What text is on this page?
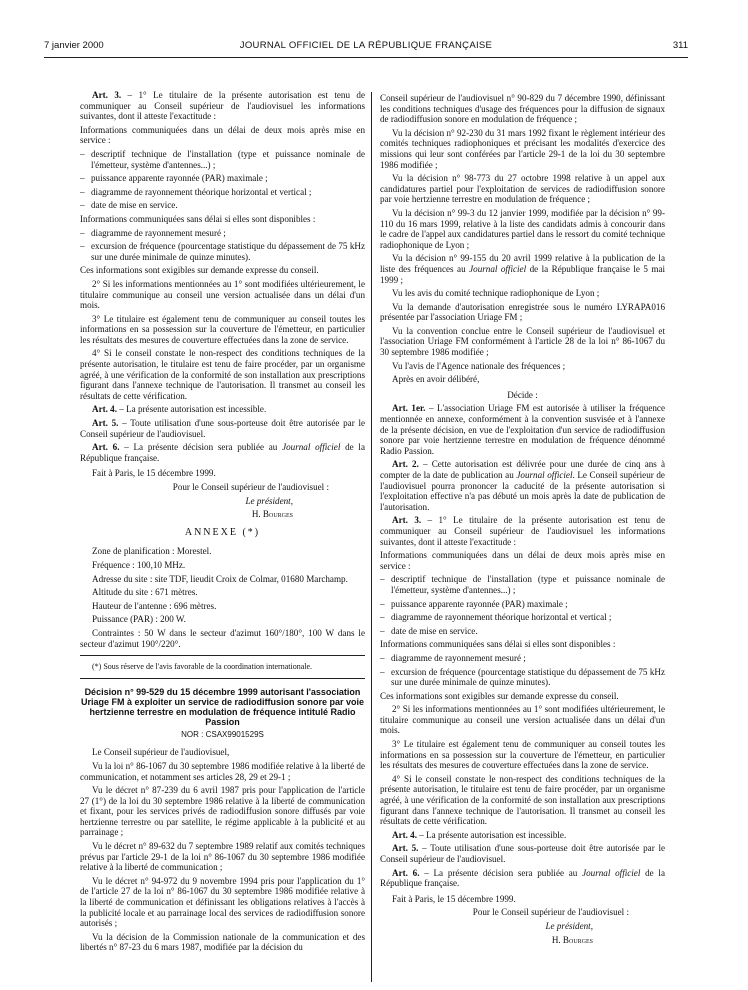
7 janvier 2000	JOURNAL OFFICIEL DE LA RÉPUBLIQUE FRANÇAISE	311

Art. 3. – 1° Le titulaire de la présente autorisation est tenu de communiquer au Conseil supérieur de l'audiovisuel les informations suivantes, dont il atteste l'exactitude :

Informations communiquées dans un délai de deux mois après mise en service :

– descriptif technique de l'installation (type et puissance nominale de l'émetteur, système d'antennes...) ;

– puissance apparente rayonnée (PAR) maximale ;

– diagramme de rayonnement théorique horizontal et vertical ;

– date de mise en service.

Informations communiquées sans délai si elles sont disponibles :

– diagramme de rayonnement mesuré ;

– excursion de fréquence (pourcentage statistique du dépassement de 75 kHz sur une durée minimale de quinze minutes).

Ces informations sont exigibles sur demande expresse du conseil.

2° Si les informations mentionnées au 1° sont modifiées ultérieurement, le titulaire communique au conseil une version actualisée dans un délai d'un mois.

3° Le titulaire est également tenu de communiquer au conseil toutes les informations en sa possession sur la couverture de l'émetteur, en particulier les résultats des mesures de couverture effectuées dans la zone de service.

4° Si le conseil constate le non-respect des conditions techniques de la présente autorisation, le titulaire est tenu de faire procéder, par un organisme agréé, à une vérification de la conformité de son installation aux prescriptions figurant dans l'annexe technique de l'autorisation. Il transmet au conseil les résultats de cette vérification.

Art. 4. – La présente autorisation est incessible.

Art. 5. – Toute utilisation d'une sous-porteuse doit être autorisée par le Conseil supérieur de l'audiovisuel.

Art. 6. – La présente décision sera publiée au Journal officiel de la République française.

Fait à Paris, le 15 décembre 1999.

Pour le Conseil supérieur de l'audiovisuel :

Le président,

H. Bourges

ANNEXE (*)

Zone de planification : Morestel.

Fréquence : 100,10 MHz.

Adresse du site : site TDF, lieudit Croix de Colmar, 01680 Marchamp.

Altitude du site : 671 mètres.

Hauteur de l'antenne : 696 mètres.

Puissance (PAR) : 200 W.

Contraintes : 50 W dans le secteur d'azimut 160°/180°, 100 W dans le secteur d'azimut 190°/220°.

(*) Sous réserve de l'avis favorable de la coordination internationale.

Décision n° 99-529 du 15 décembre 1999 autorisant l'association Uriage FM à exploiter un service de radiodiffusion sonore par voie hertzienne terrestre en modulation de fréquence intitulé Radio Passion

NOR : CSAX9901529S

Le Conseil supérieur de l'audiovisuel,

Vu la loi n° 86-1067 du 30 septembre 1986 modifiée relative à la liberté de communication, et notamment ses articles 28, 29 et 29-1 ;

Vu le décret n° 87-239 du 6 avril 1987 pris pour l'application de l'article 27 (1°) de la loi du 30 septembre 1986 relative à la liberté de communication et fixant, pour les services privés de radiodiffusion sonore diffusés par voie hertzienne terrestre ou par satellite, le régime applicable à la publicité et au parrainage ;

Vu le décret n° 89-632 du 7 septembre 1989 relatif aux comités techniques prévus par l'article 29-1 de la loi n° 86-1067 du 30 septembre 1986 modifiée relative à la liberté de communication ;

Vu le décret n° 94-972 du 9 novembre 1994 pris pour l'application du 1° de l'article 27 de la loi n° 86-1067 du 30 septembre 1986 modifiée relative à la liberté de communication et définissant les obligations relatives à l'accès à la publicité locale et au parrainage local des services de radiodiffusion sonore autorisés ;

Vu la décision de la Commission nationale de la communication et des libertés n° 87-23 du 6 mars 1987, modifiée par la décision du

Conseil supérieur de l'audiovisuel n° 90-829 du 7 décembre 1990, définissant les conditions techniques d'usage des fréquences pour la diffusion de signaux de radiodiffusion sonore en modulation de fréquence ;

Vu la décision n° 92-230 du 31 mars 1992 fixant le règlement intérieur des comités techniques radiophoniques et précisant les modalités d'exercice des missions qui leur sont conférées par l'article 29-1 de la loi du 30 septembre 1986 modifiée ;

Vu la décision n° 98-773 du 27 octobre 1998 relative à un appel aux candidatures partiel pour l'exploitation de services de radiodiffusion sonore par voie hertzienne terrestre en modulation de fréquence ;

Vu la décision n° 99-3 du 12 janvier 1999, modifiée par la décision n° 99-110 du 16 mars 1999, relative à la liste des candidats admis à concourir dans le cadre de l'appel aux candidatures partiel dans le ressort du comité technique radiophonique de Lyon ;

Vu la décision n° 99-155 du 20 avril 1999 relative à la publication de la liste des fréquences au Journal officiel de la République française le 5 mai 1999 ;

Vu les avis du comité technique radiophonique de Lyon ;

Vu la demande d'autorisation enregistrée sous le numéro LYRAPA016 présentée par l'association Uriage FM ;

Vu la convention conclue entre le Conseil supérieur de l'audiovisuel et l'association Uriage FM conformément à l'article 28 de la loi n° 86-1067 du 30 septembre 1986 modifiée ;

Vu l'avis de l'Agence nationale des fréquences ;

Après en avoir délibéré,

Décide :

Art. 1er. – L'association Uriage FM est autorisée à utiliser la fréquence mentionnée en annexe, conformément à la convention susvisée et à l'annexe de la présente décision, en vue de l'exploitation d'un service de radiodiffusion sonore par voie hertzienne terrestre en modulation de fréquence dénommé Radio Passion.

Art. 2. – Cette autorisation est délivrée pour une durée de cinq ans à compter de la date de publication au Journal officiel. Le Conseil supérieur de l'audiovisuel pourra prononcer la caducité de la présente autorisation si l'exploitation effective n'a pas débuté un mois après la date de publication de l'autorisation.

Art. 3. – 1° Le titulaire de la présente autorisation est tenu de communiquer au Conseil supérieur de l'audiovisuel les informations suivantes, dont il atteste l'exactitude :

Informations communiquées dans un délai de deux mois après mise en service :

– descriptif technique de l'installation (type et puissance nominale de l'émetteur, système d'antennes...) ;

– puissance apparente rayonnée (PAR) maximale ;

– diagramme de rayonnement théorique horizontal et vertical ;

– date de mise en service.

Informations communiquées sans délai si elles sont disponibles :

– diagramme de rayonnement mesuré ;

– excursion de fréquence (pourcentage statistique du dépassement de 75 kHz sur une durée minimale de quinze minutes).

Ces informations sont exigibles sur demande expresse du conseil.

2° Si les informations mentionnées au 1° sont modifiées ultérieurement, le titulaire communique au conseil une version actualisée dans un délai d'un mois.

3° Le titulaire est également tenu de communiquer au conseil toutes les informations en sa possession sur la couverture de l'émetteur, en particulier les résultats des mesures de couverture effectuées dans la zone de service.

4° Si le conseil constate le non-respect des conditions techniques de la présente autorisation, le titulaire est tenu de faire procéder, par un organisme agréé, à une vérification de la conformité de son installation aux prescriptions figurant dans l'annexe technique de l'autorisation. Il transmet au conseil les résultats de cette vérification.

Art. 4. – La présente autorisation est incessible.

Art. 5. – Toute utilisation d'une sous-porteuse doit être autorisée par le Conseil supérieur de l'audiovisuel.

Art. 6. – La présente décision sera publiée au Journal officiel de la République française.

Fait à Paris, le 15 décembre 1999.

Pour le Conseil supérieur de l'audiovisuel :

Le président,

H. Bourges
